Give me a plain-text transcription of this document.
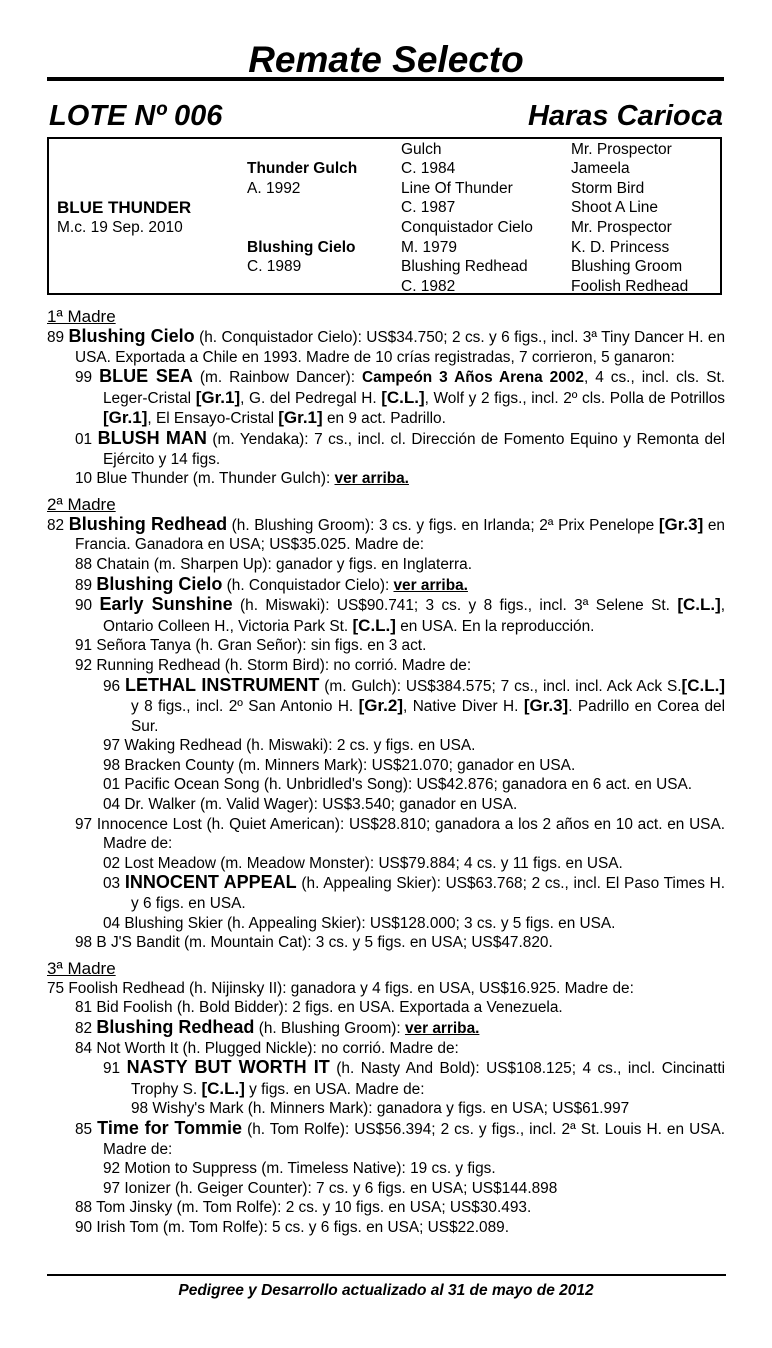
Remate Selecto
LOTE Nº 006	Haras Carioca
BLUE THUNDER
M.c. 19 Sep. 2010
Thunder Gulch
A. 1992
Blushing Cielo
C. 1989
Gulch
C. 1984
Line Of Thunder
C. 1987
Conquistador Cielo
M. 1979
Blushing Redhead
C. 1982
Mr. Prospector
Jameela
Storm Bird
Shoot A Line
Mr. Prospector
K. D. Princess
Blushing Groom
Foolish Redhead
1ª Madre
89 Blushing Cielo (h. Conquistador Cielo): US$34.750; 2 cs. y 6 figs., incl. 3ª Tiny Dancer H. en USA. Exportada a Chile en 1993. Madre de 10 crías registradas, 7 corrieron, 5 ganaron:
99 BLUE SEA (m. Rainbow Dancer): Campeón 3 Años Arena 2002, 4 cs., incl. cls. St. Leger-Cristal [Gr.1], G. del Pedregal H. [C.L.], Wolf y 2 figs., incl. 2º cls. Polla de Potrillos [Gr.1], El Ensayo-Cristal [Gr.1] en 9 act. Padrillo.
01 BLUSH MAN (m. Yendaka): 7 cs., incl. cl. Dirección de Fomento Equino y Remonta del Ejército y 14 figs.
10 Blue Thunder (m. Thunder Gulch): ver arriba.
2ª Madre
82 Blushing Redhead (h. Blushing Groom): 3 cs. y figs. en Irlanda; 2ª Prix Penelope [Gr.3] en Francia. Ganadora en USA; US$35.025. Madre de:
88 Chatain (m. Sharpen Up): ganador y figs. en Inglaterra.
89 Blushing Cielo (h. Conquistador Cielo): ver arriba.
90 Early Sunshine (h. Miswaki): US$90.741; 3 cs. y 8 figs., incl. 3ª Selene St. [C.L.], Ontario Colleen H., Victoria Park St. [C.L.] en USA. En la reproducción.
91 Señora Tanya (h. Gran Señor): sin figs. en 3 act.
92 Running Redhead (h. Storm Bird): no corrió. Madre de:
96 LETHAL INSTRUMENT (m. Gulch): US$384.575; 7 cs., incl. incl. Ack Ack S.[C.L.] y 8 figs., incl. 2º San Antonio H. [Gr.2], Native Diver H. [Gr.3]. Padrillo en Corea del Sur.
97 Waking Redhead (h. Miswaki): 2 cs. y figs. en USA.
98 Bracken County (m. Minners Mark): US$21.070; ganador en USA.
01 Pacific Ocean Song (h. Unbridled's Song): US$42.876; ganadora en 6 act. en USA.
04 Dr. Walker (m. Valid Wager): US$3.540; ganador en USA.
97 Innocence Lost (h. Quiet American): US$28.810; ganadora a los 2 años en 10 act. en USA. Madre de:
02 Lost Meadow (m. Meadow Monster): US$79.884; 4 cs. y 11 figs. en USA.
03 INNOCENT APPEAL (h. Appealing Skier): US$63.768; 2 cs., incl. El Paso Times H. y 6 figs. en USA.
04 Blushing Skier (h. Appealing Skier): US$128.000; 3 cs. y 5 figs. en USA.
98 B J'S Bandit (m. Mountain Cat): 3 cs. y 5 figs. en USA; US$47.820.
3ª Madre
75 Foolish Redhead (h. Nijinsky II): ganadora y 4 figs. en USA, US$16.925. Madre de:
81 Bid Foolish (h. Bold Bidder): 2 figs. en USA. Exportada a Venezuela.
82 Blushing Redhead (h. Blushing Groom): ver arriba.
84 Not Worth It (h. Plugged Nickle): no corrió. Madre de:
91 NASTY BUT WORTH IT (h. Nasty And Bold): US$108.125; 4 cs., incl. Cincinatti Trophy S. [C.L.] y figs. en USA. Madre de:
98 Wishy's Mark (h. Minners Mark): ganadora y figs. en USA; US$61.997
85 Time for Tommie (h. Tom Rolfe): US$56.394; 2 cs. y figs., incl. 2ª St. Louis H. en USA. Madre de:
92 Motion to Suppress (m. Timeless Native): 19 cs. y figs.
97 Ionizer (h. Geiger Counter): 7 cs. y 6 figs. en USA; US$144.898
88 Tom Jinsky (m. Tom Rolfe): 2 cs. y 10 figs. en USA; US$30.493.
90 Irish Tom (m. Tom Rolfe): 5 cs. y 6 figs. en USA; US$22.089.
Pedigree y Desarrollo actualizado al 31 de mayo de 2012
